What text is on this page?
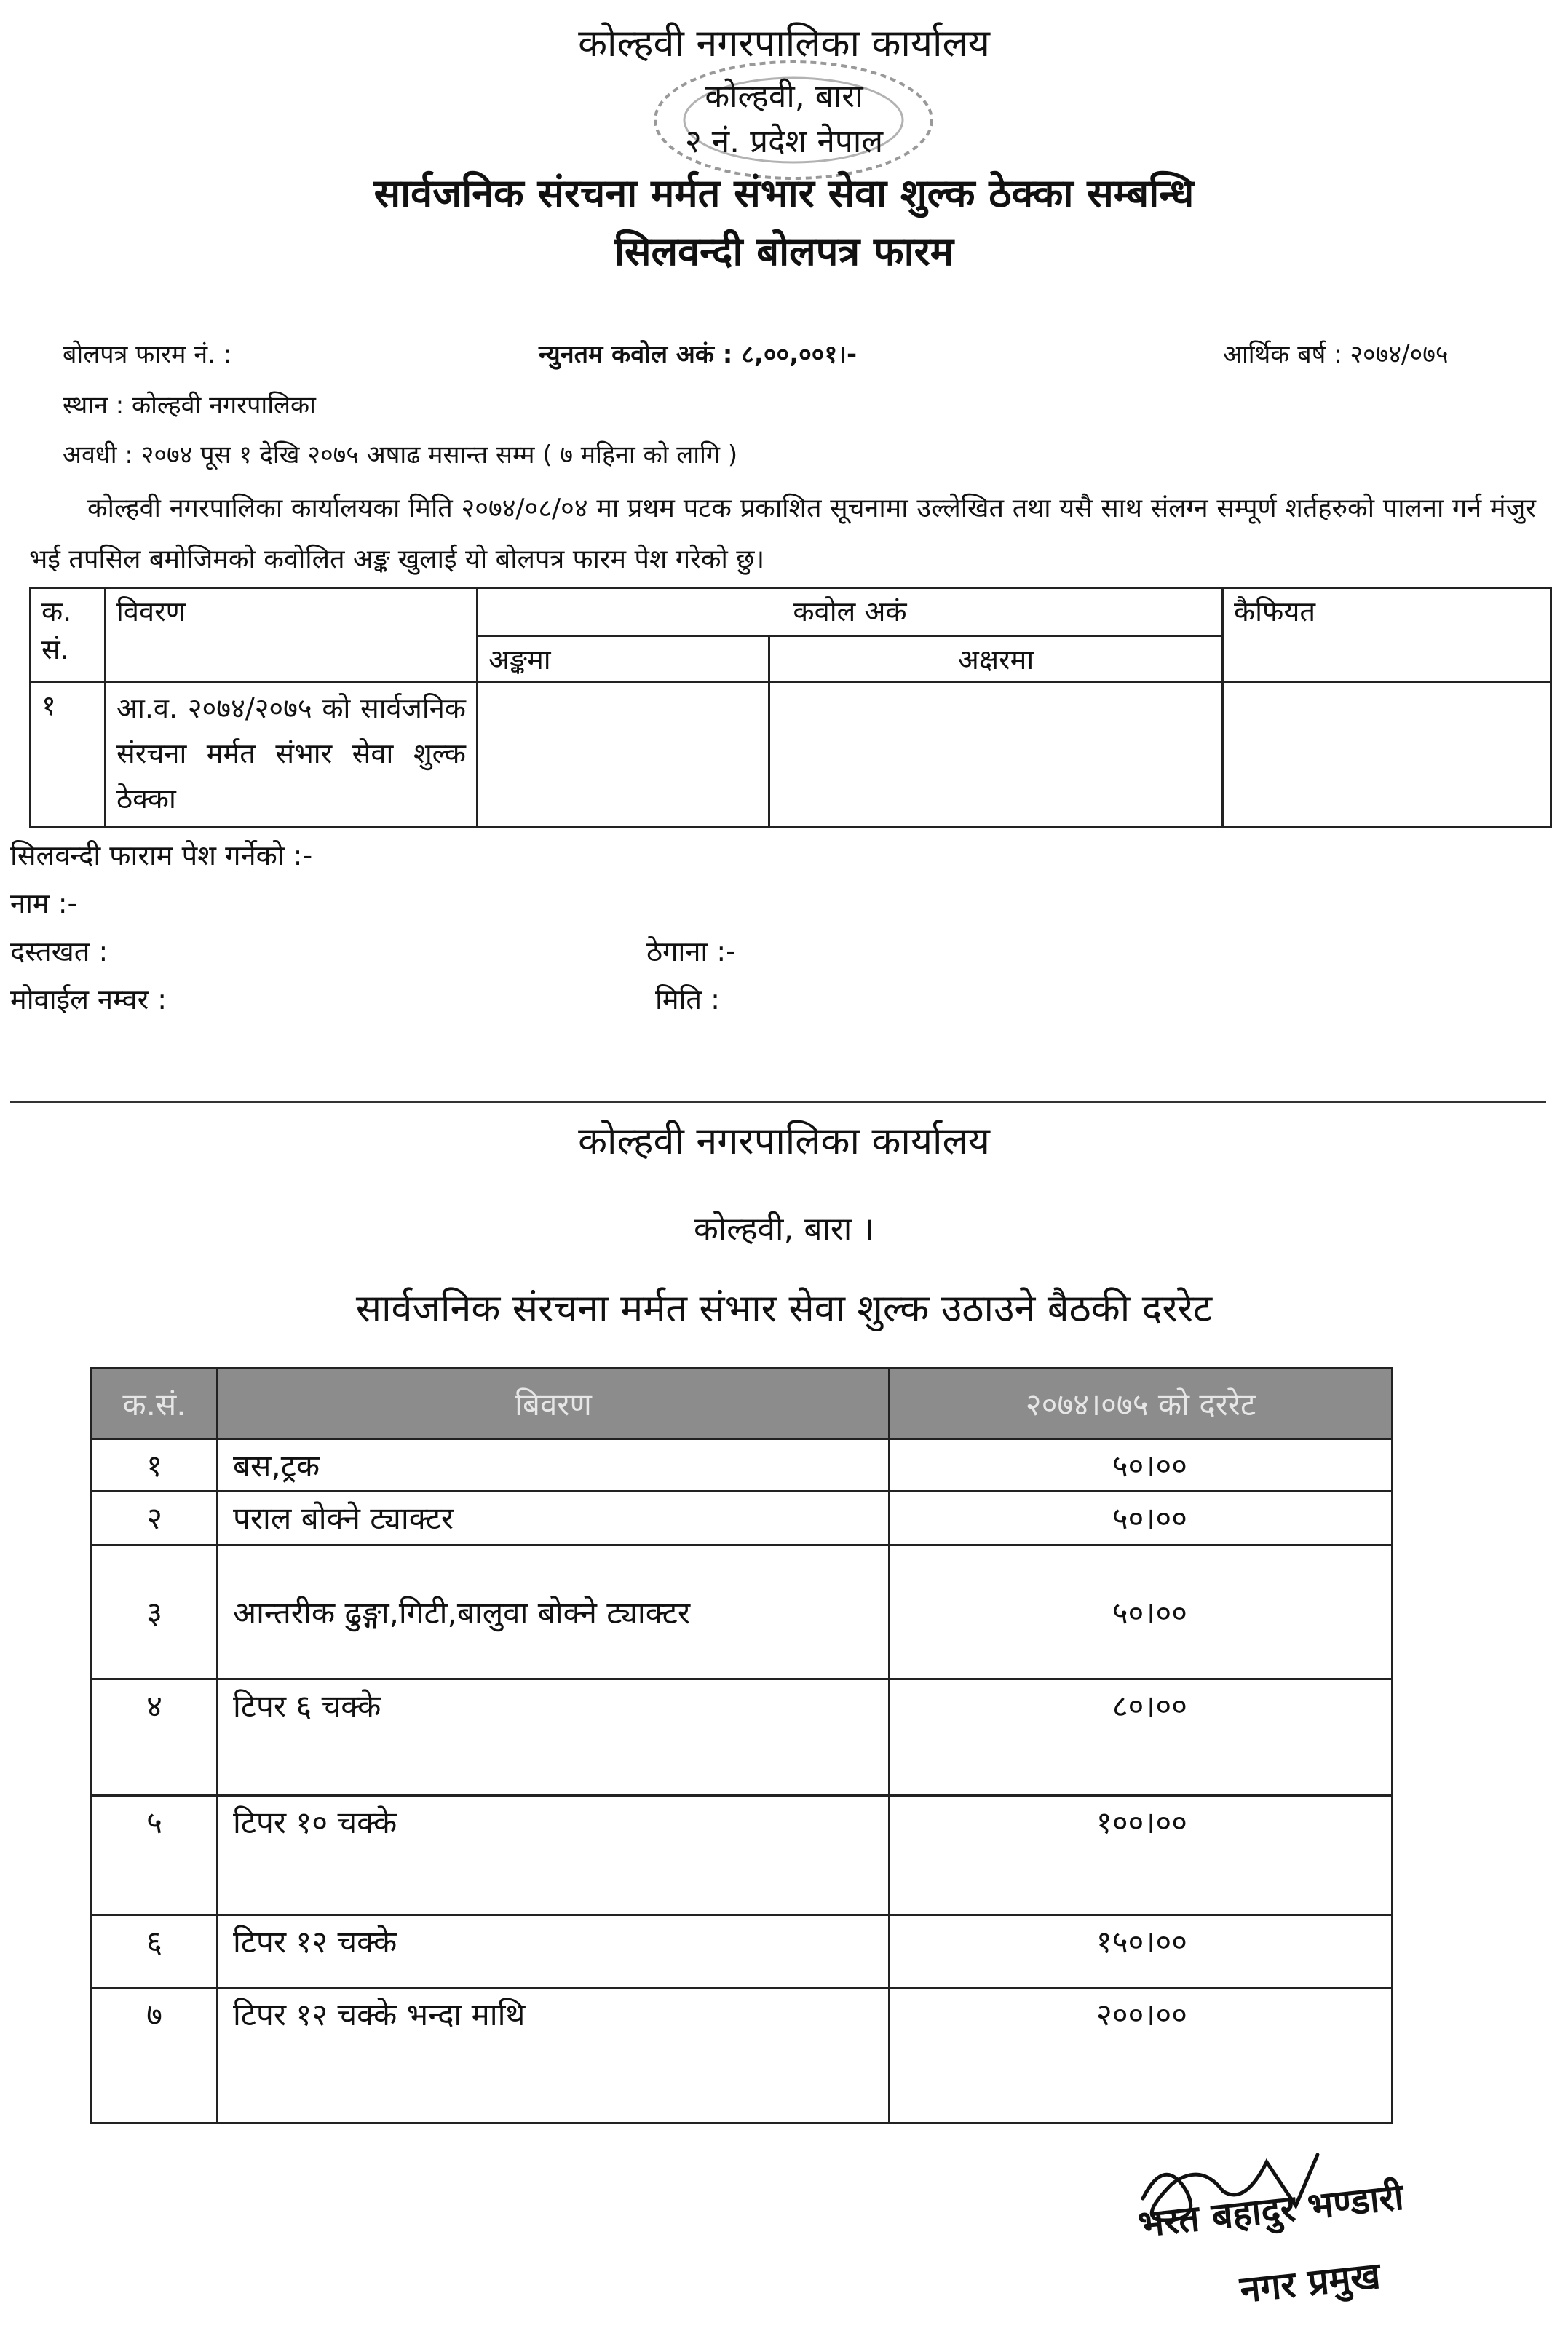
कोल्हवी नगरपालिका कार्यालय
कोल्हवी, बारा
२ नं. प्रदेश नेपाल
सार्वजनिक संरचना मर्मत संभार सेवा शुल्क ठेक्का सम्बन्धि
सिलवन्दी बोलपत्र फारम
बोलपत्र फारम नं. :	न्युनतम कवोल अकं : ८,००,००१।-	आर्थिक बर्ष : २०७४/०७५
स्थान : कोल्हवी नगरपालिका
अवधी : २०७४ पूस १ देखि २०७५ अषाढ मसान्त सम्म ( ७ महिना को लागि )
कोल्हवी नगरपालिका कार्यालयका मिति २०७४/०८/०४ मा प्रथम पटक प्रकाशित सूचनामा उल्लेखित तथा यसै साथ संलग्न सम्पूर्ण शर्तहरुको पालना गर्न मंजुर भई तपसिल बमोजिमको कवोलित अङ्क खुलाई यो बोलपत्र फारम पेश गरेको छु।
क. सं.	विवरण	कवोल अकं		कैफियत
		अङ्कमा	अक्षरमा	
१	आ.व. २०७४/२०७५ को सार्वजनिक संरचना मर्मत संभार सेवा शुल्क ठेक्का			
सिलवन्दी फाराम पेश गर्नेको :-
नाम :-
दस्तखत :	ठेगाना :-
मोवाईल नम्वर :	मिति :
कोल्हवी नगरपालिका कार्यालय
कोल्हवी, बारा ।
सार्वजनिक संरचना मर्मत संभार सेवा शुल्क उठाउने बैठकी दररेट
क.सं.	बिवरण	२०७४।०७५ को दररेट
१	बस,ट्रक	५०।००
२	पराल बोक्ने ट्याक्टर	५०।००
३	आन्तरीक ढुङ्गा,गिटी,बालुवा बोक्ने ट्याक्टर	५०।००
४	टिपर ६ चक्के	८०।००
५	टिपर १० चक्के	१००।००
६	टिपर १२ चक्के	१५०।००
७	टिपर १२ चक्के भन्दा माथि	२००।००
भरत बहादुर भण्डारी
नगर प्रमुख
